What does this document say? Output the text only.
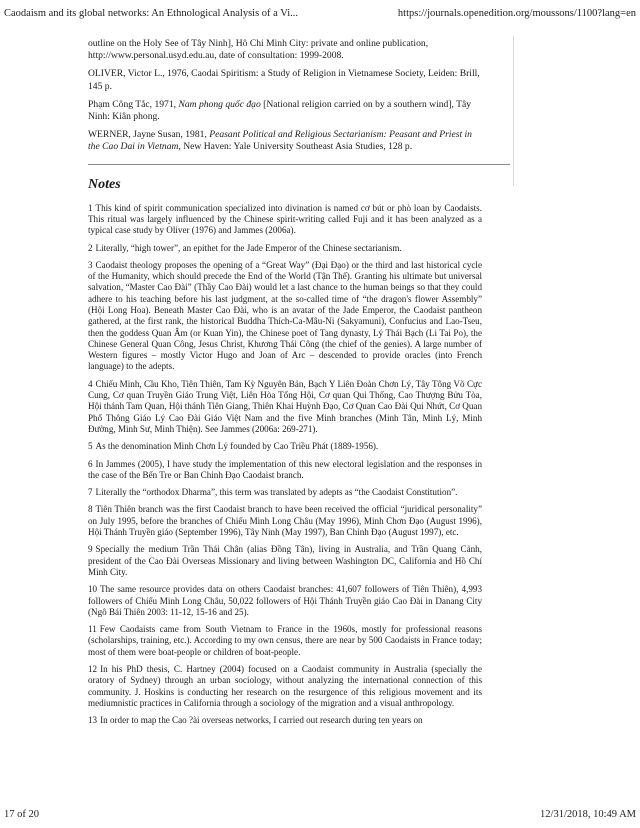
Caodaism and its global networks: An Ethnological Analysis of a Vi...	https://journals.openedition.org/moussons/1100?lang=en

outline on the Holy See of Tây Ninh], Hô Chi Minh City: private and online publication, http://www.personal.usyd.edu.au, date of consultation: 1999-2008.

OLIVER, Victor L., 1976, Caodai Spiritism: a Study of Religion in Vietnamese Society, Leiden: Brill, 145 p.

Phạm Công Tắc, 1971, Nam phong quốc đạo [National religion carried on by a southern wind], Tây Ninh: Kiân phong.

WERNER, Jayne Susan, 1981, Peasant Political and Religious Sectarianism: Peasant and Priest in the Cao Dai in Vietnam, New Haven: Yale University Southeast Asia Studies, 128 p.

Notes

1 This kind of spirit communication specialized into divination is named cơ bút or phò loan by Caodaists. This ritual was largely influenced by the Chinese spirit-writing called Fuji and it has been analyzed as a typical case study by Oliver (1976) and Jammes (2006a).

2 Literally, “high tower”, an epithet for the Jade Emperor of the Chinese sectarianism.

3 Caodaist theology proposes the opening of a “Great Way” (Đại Đạo) or the third and last historical cycle of the Humanity, which should precede the End of the World (Tận Thế). Granting his ultimate but universal salvation, “Master Cao Đài” (Thầy Cao Đài) would let a last chance to the human beings so that they could adhere to his teaching before his last judgment, at the so-called time of “the dragon's flower Assembly” (Hội Long Hoa). Beneath Master Cao Đài, who is an avatar of the Jade Emperor, the Caodaist pantheon gathered, at the first rank, the historical Buddha Thích-Ca-Mâu-Ni (Sakyamuni), Confucius and Lao-Tseu, then the goddess Quan Âm (or Kuan Yin), the Chinese poet of Tang dynasty, Lý Thái Bạch (Li Tai Po), the Chinese General Quan Công, Jesus Christ, Khương Thái Công (the chief of the genies). A large number of Western figures – mostly Victor Hugo and Joan of Arc – descended to provide oracles (into French language) to the adepts.

4 Chiếu Minh, Cầu Kho, Tiên Thiên, Tam Kỳ Nguyên Bản, Bạch Y Liên Đoàn Chơn Lý, Tây Tông Võ Cực Cung, Cơ quan Truyền Giáo Trung Việt, Liên Hòa Tổng Hội, Cơ quan Qui Thống, Cao Thượng Bửu Tòa, Hội thánh Tam Quan, Hội thánh Tiên Giang, Thiên Khai Huỳnh Đạo, Cơ Quan Cao Đài Qui Nhứt, Cơ Quan Phổ Thông Giáo Lý Cao Đài Giáo Việt Nam and the five Minh branches (Minh Tân, Minh Lý, Minh Đường, Minh Sư, Minh Thiện). See Jammes (2006a: 269-271).

5 As the denomination Minh Chơn Lý founded by Cao Triều Phát (1889-1956).

6 In Jammes (2005), I have study the implementation of this new electoral legislation and the responses in the case of the Bến Tre or Ban Chỉnh Đạo Caodaist branch.

7 Literally the “orthodox Dharma”, this term was translated by adepts as “the Caodaist Constitution”.

8 Tiên Thiên branch was the first Caodaist branch to have been received the official “juridical personality” on July 1995, before the branches of Chiếu Minh Long Châu (May 1996), Minh Chơn Đạo (August 1996), Hội Thánh Truyền giáo (September 1996), Tây Ninh (May 1997), Ban Chỉnh Đạo (August 1997), etc.

9 Specially the medium Trần Thái Chân (alias Đồng Tân), living in Australia, and Trần Quang Cảnh, president of the Cao Đài Overseas Missionary and living between Washington DC, California and Hồ Chí Minh City.

10 The same resource provides data on others Caodaist branches: 41,607 followers of Tiên Thiên), 4,993 followers of Chiếu Minh Long Châu, 50,022 followers of Hội Thánh Truyền giáo Cao Đài in Danang City (Ngô Bái Thiên 2003: 11-12, 15-16 and 25).

11 Few Caodaists came from South Vietnam to France in the 1960s, mostly for professional reasons (scholarships, training, etc.). According to my own census, there are near by 500 Caodaists in France today; most of them were boat-people or children of boat-people.

12 In his PhD thesis, C. Hartney (2004) focused on a Caodaist community in Australia (specially the oratory of Sydney) through an urban sociology, without analyzing the international connection of this community. J. Hoskins is conducting her research on the resurgence of this religious movement and its mediumnistic practices in California through a sociology of the migration and a visual anthropology.

13 In order to map the Cao ?ài overseas networks, I carried out research during ten years on

17 of 20	12/31/2018, 10:49 AM
